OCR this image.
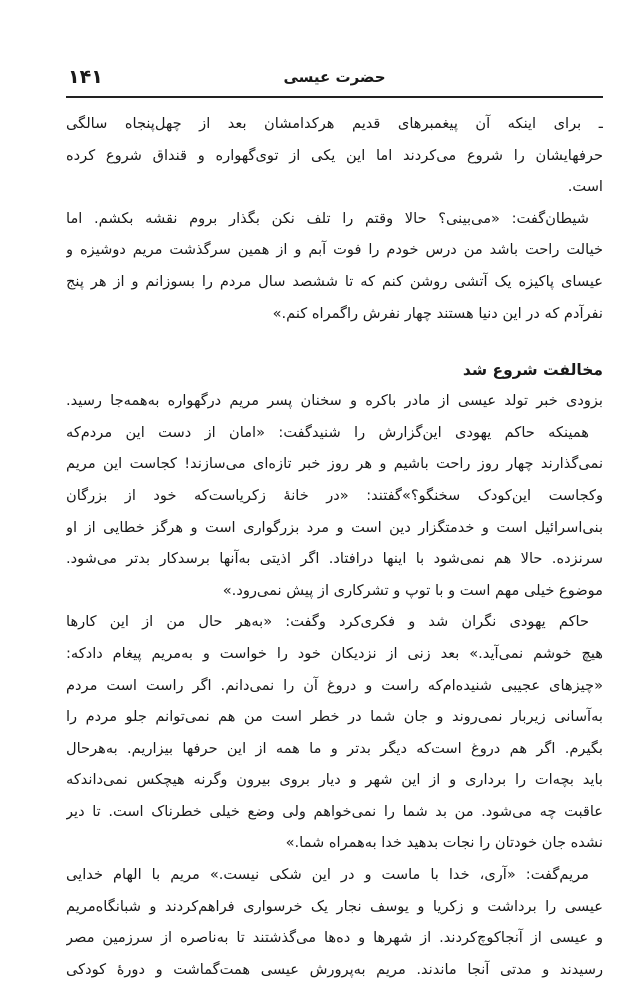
۱۴۱	حضرت عیسی

ـ برای اینکه آن پیغمبرهای قدیم هرکدامشان بعد از چهل‌پنجاه سالگی
حرفهایشان را شروع می‌کردند اما این یکی از توی‌گهواره و قنداق شروع کرده
است.

شیطان‌گفت: «می‌بینی؟ حالا وقتم را تلف نکن بگذار بروم نقشه بکشم. اما
خیالت راحت باشد من درس خودم را فوت آبم و از همین سرگذشت مریم دوشیزه و
عیسای پاکیزه یک آتشی روشن کنم که تا ششصد سال مردم را بسوزانم و از هر پنج
نفرآدم که در این دنیا هستند چهار نفرش راگمراه کنم.»

مخالفت شروع شد

بزودی خبر تولد عیسی از مادر باکره و سخنان پسر مریم درگهواره به‌همه‌جا رسید.

همینکه حاکم یهودی این‌گزارش را شنیدگفت: «امان از دست این مردم‌که
نمی‌گذارند چهار روز راحت باشیم و هر روز خبر تازه‌ای می‌سازند! کجاست این مریم
وکجاست این‌کودک سخنگو؟»گفتند: «در خانهٔ زکریاست‌که خود از بزرگان
بنی‌اسرائیل است و خدمتگزار دین است و مرد بزرگواری است و هرگز خطایی از او
سرنزده. حالا هم نمی‌شود با اینها درافتاد. اگر اذیتی به‌آنها برسد‌کار بدتر می‌شود.
موضوع خیلی مهم است و با توپ و تشرکاری از پیش نمی‌رود.»

حاکم یهودی نگران شد و فکری‌کرد وگفت: «به‌هر حال من از این کارها
هیچ خوشم نمی‌آید.» بعد زنی از نزدیکان خود را خواست و به‌مریم پیغام دادکه:
«چیزهای عجیبی شنیده‌ام‌که راست و دروغ آن را نمی‌دانم. اگر راست است مردم
به‌آسانی زیربار نمی‌روند و جان شما در خطر است من هم نمی‌توانم جلو مردم را
بگیرم. اگر هم دروغ است‌که دیگر بدتر و ما همه از این حرفها بیزاریم. به‌هرحال
باید بچه‌ات را برداری و از این شهر و دیار بروی بیرون وگرنه هیچکس نمی‌داندکه
عاقبت چه می‌شود. من بد شما را نمی‌خواهم ولی وضع خیلی خطرناک است. تا دیر
نشده جان خودتان را نجات بدهید خدا به‌همراه شما.»

مریم‌گفت: «آری، خدا با ماست و در این شکی نیست.» مریم با الهام خدایی
عیسی را برداشت و زکریا و یوسف نجار یک خرسواری فراهم‌کردند و شبانگاه‌مریم
و عیسی از آنجاکوچ‌کردند. از شهرها و ده‌ها می‌گذشتند تا به‌ناصره از سرزمین مصر
رسیدند و مدتی آنجا ماندند. مریم به‌پرورش عیسی همت‌گماشت و دورهٔ کودکی
